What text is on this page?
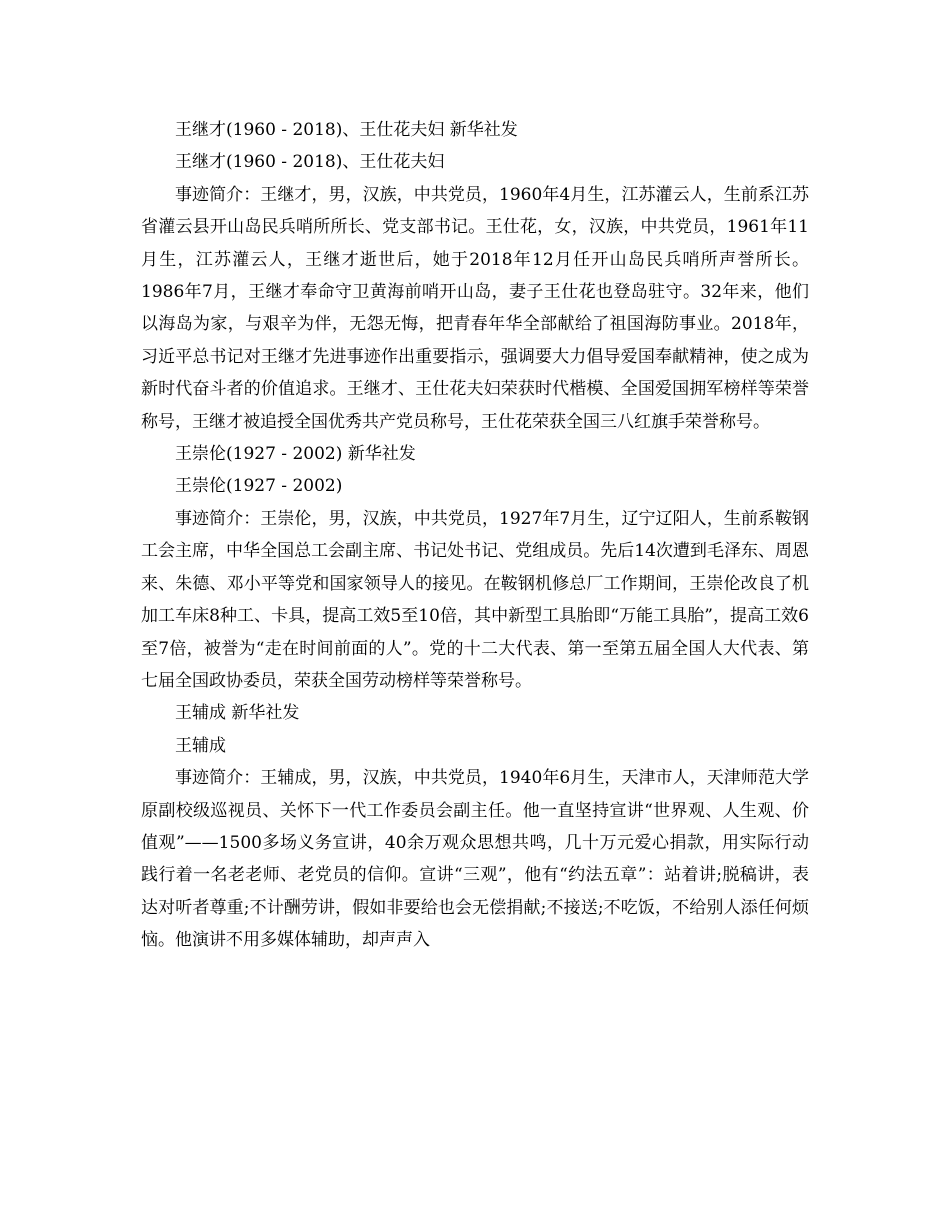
王继才(1960 - 2018)、王仕花夫妇 新华社发

王继才(1960 - 2018)、王仕花夫妇

事迹简介：王继才，男，汉族，中共党员，1960年4月生，江苏灌云人，生前系江苏省灌云县开山岛民兵哨所所长、党支部书记。王仕花，女，汉族，中共党员，1961年11月生，江苏灌云人，王继才逝世后，她于2018年12月任开山岛民兵哨所声誉所长。1986年7月，王继才奉命守卫黄海前哨开山岛，妻子王仕花也登岛驻守。32年来，他们以海岛为家，与艰辛为伴，无怨无悔，把青春年华全部献给了祖国海防事业。2018年，习近平总书记对王继才先进事迹作出重要指示，强调要大力倡导爱国奉献精神，使之成为新时代奋斗者的价值追求。王继才、王仕花夫妇荣获时代楷模、全国爱国拥军榜样等荣誉称号，王继才被追授全国优秀共产党员称号，王仕花荣获全国三八红旗手荣誉称号。

王崇伦(1927 - 2002) 新华社发

王崇伦(1927 - 2002)

事迹简介：王崇伦，男，汉族，中共党员，1927年7月生，辽宁辽阳人，生前系鞍钢工会主席，中华全国总工会副主席、书记处书记、党组成员。先后14次遭到毛泽东、周恩来、朱德、邓小平等党和国家领导人的接见。在鞍钢机修总厂工作期间，王崇伦改良了机加工车床8种工、卡具，提高工效5至10倍，其中新型工具胎即“万能工具胎”，提高工效6至7倍，被誉为“走在时间前面的人”。党的十二大代表、第一至第五届全国人大代表、第七届全国政协委员，荣获全国劳动榜样等荣誉称号。

王辅成 新华社发

王辅成

事迹简介：王辅成，男，汉族，中共党员，1940年6月生，天津市人，天津师范大学原副校级巡视员、关怀下一代工作委员会副主任。他一直坚持宣讲“世界观、人生观、价值观”——1500多场义务宣讲，40余万观众思想共鸣，几十万元爱心捐款，用实际行动践行着一名老老师、老党员的信仰。宣讲“三观”，他有“约法五章”：站着讲;脱稿讲，表达对听者尊重;不计酬劳讲，假如非要给也会无偿捐献;不接送;不吃饭，不给别人添任何烦恼。他演讲不用多媒体辅助，却声声入
